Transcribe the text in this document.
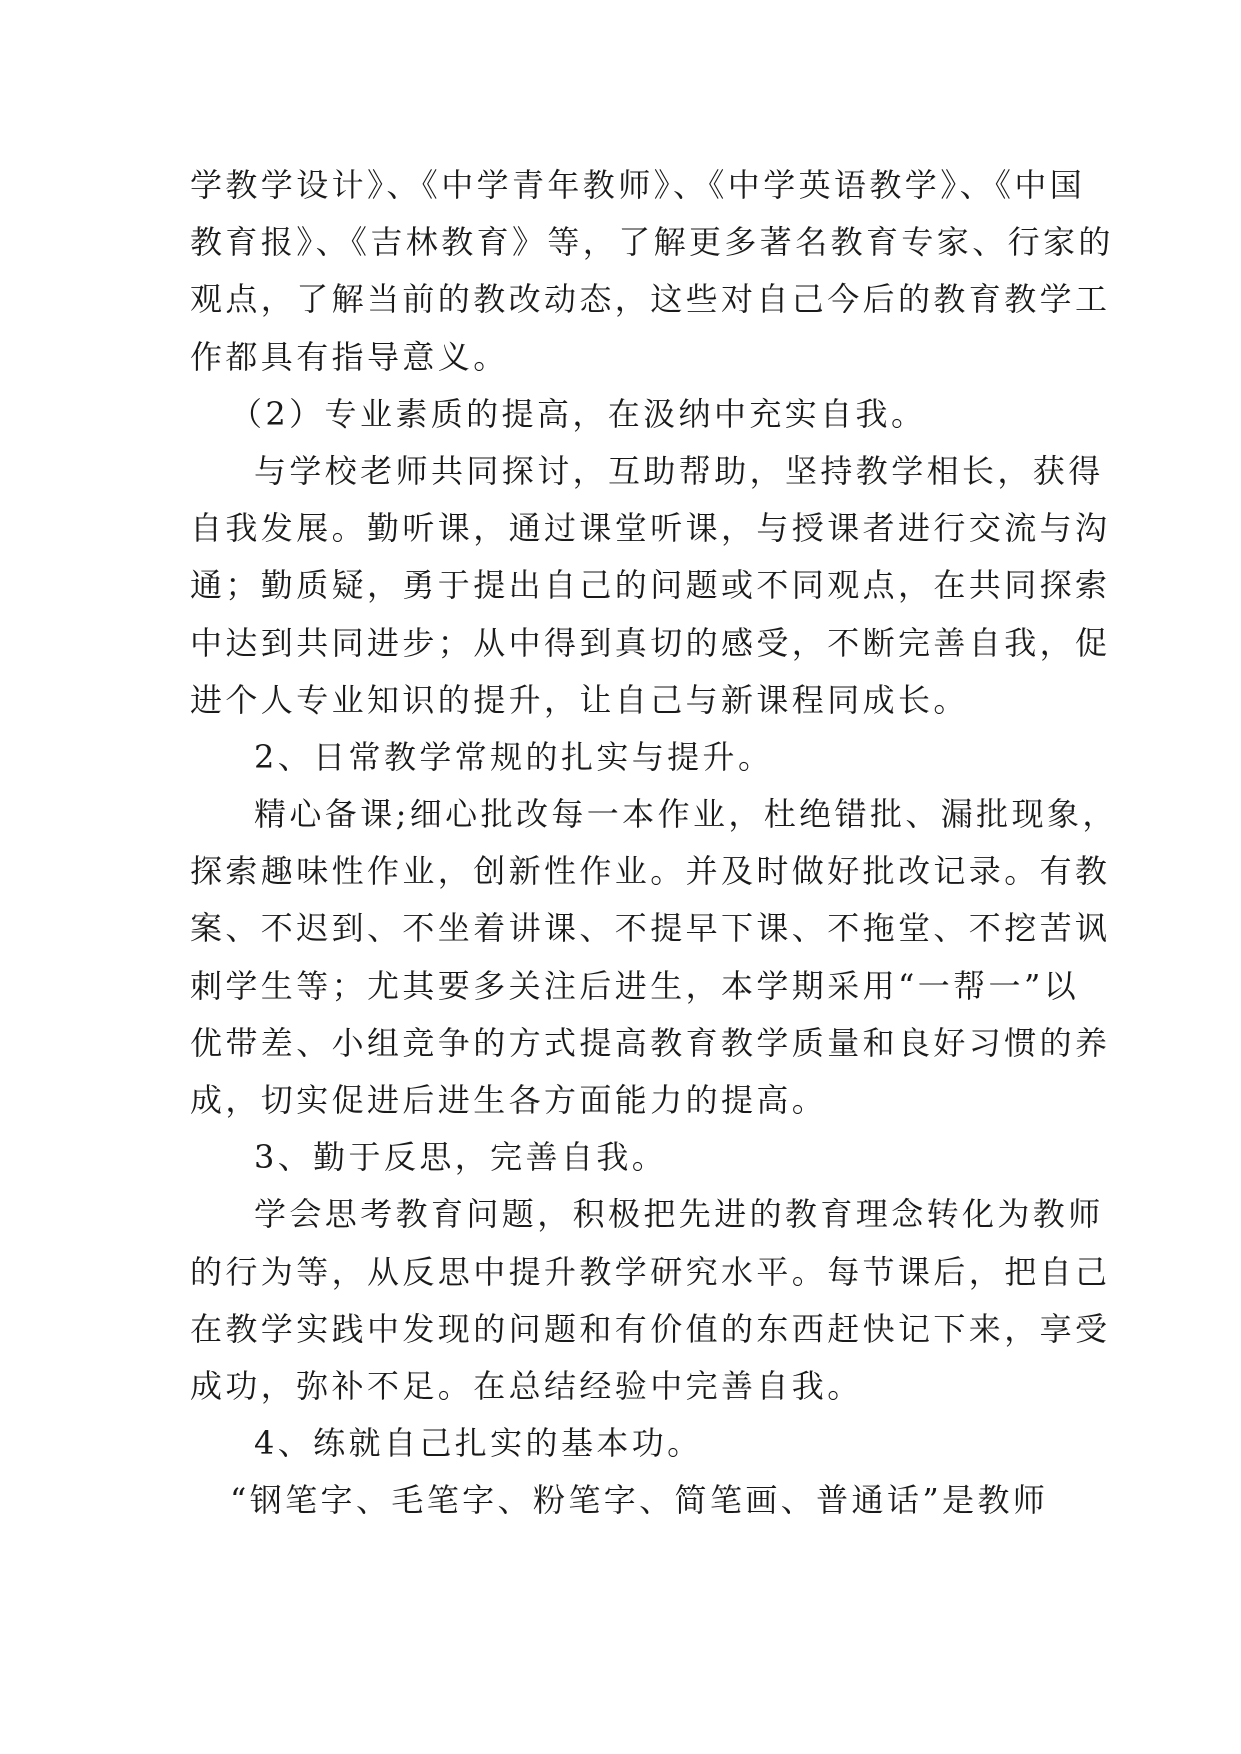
学教学设计》、《中学青年教师》、《中学英语教学》、《中国
教育报》、《吉林教育》等，了解更多著名教育专家、行家的
观点，了解当前的教改动态，这些对自己今后的教育教学工
作都具有指导意义。
（2）专业素质的提高，在汲纳中充实自我。
与学校老师共同探讨，互助帮助，坚持教学相长，获得
自我发展。勤听课，通过课堂听课，与授课者进行交流与沟
通；勤质疑，勇于提出自己的问题或不同观点，在共同探索
中达到共同进步；从中得到真切的感受，不断完善自我，促
进个人专业知识的提升，让自己与新课程同成长。
2、日常教学常规的扎实与提升。
精心备课;细心批改每一本作业，杜绝错批、漏批现象，
探索趣味性作业，创新性作业。并及时做好批改记录。有教
案、不迟到、不坐着讲课、不提早下课、不拖堂、不挖苦讽
刺学生等；尤其要多关注后进生，本学期采用“一帮一”以
优带差、小组竞争的方式提高教育教学质量和良好习惯的养
成，切实促进后进生各方面能力的提高。
3、勤于反思，完善自我。
学会思考教育问题，积极把先进的教育理念转化为教师
的行为等，从反思中提升教学研究水平。每节课后，把自己
在教学实践中发现的问题和有价值的东西赶快记下来，享受
成功，弥补不足。在总结经验中完善自我。
4、练就自己扎实的基本功。
“钢笔字、毛笔字、粉笔字、简笔画、普通话”是教师
